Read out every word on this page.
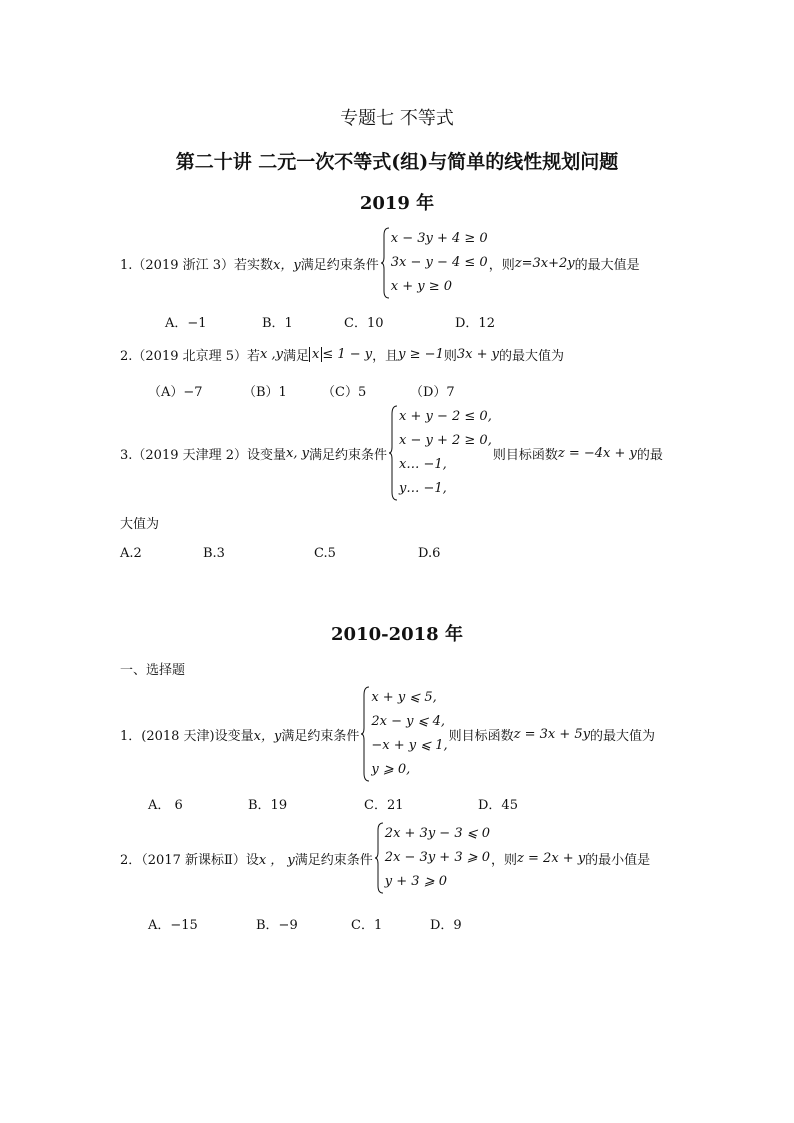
专题七 不等式
第二十讲 二元一次不等式(组)与简单的线性规划问题
2019 年
1.（2019 浙江 3）若实数 x，y 满足约束条件
x − 3y + 4 ≥ 0
3x − y − 4 ≤ 0
x + y ≥ 0
，则 z=3x+2y 的最大值是
A．−1	B．1	C．10	D．12
2.（2019 北京理 5）若 x ,y 满足 x ≤ 1 − y ，且 y ≥ −1 则 3x + y 的最大值为
（A）−7	（B）1	（C）5	（D）7
3.（2019 天津理 2）设变量 x, y 满足约束条件
x + y − 2 ≤ 0,
x − y + 2 ≥ 0,
x… −1,
y… −1,
则目标函数 z = −4x + y 的最
大值为
A.2	B.3	C.5	D.6
2010-2018 年
一、选择题
1．(2018 天津)设变量 x，y 满足约束条件
x + y ⩽ 5,
2x − y ⩽ 4,
−x + y ⩽ 1,
y ⩾ 0,
则目标函数 z = 3x + 5y 的最大值为
A． 6	B．19	C．21	D．45
2．（2017 新课标Ⅱ）设 x ， y 满足约束条件
2x + 3y − 3 ⩽ 0
2x − 3y + 3 ⩾ 0
y + 3 ⩾ 0
，则 z = 2x + y 的最小值是
A．−15	B．−9	C．1	D．9
